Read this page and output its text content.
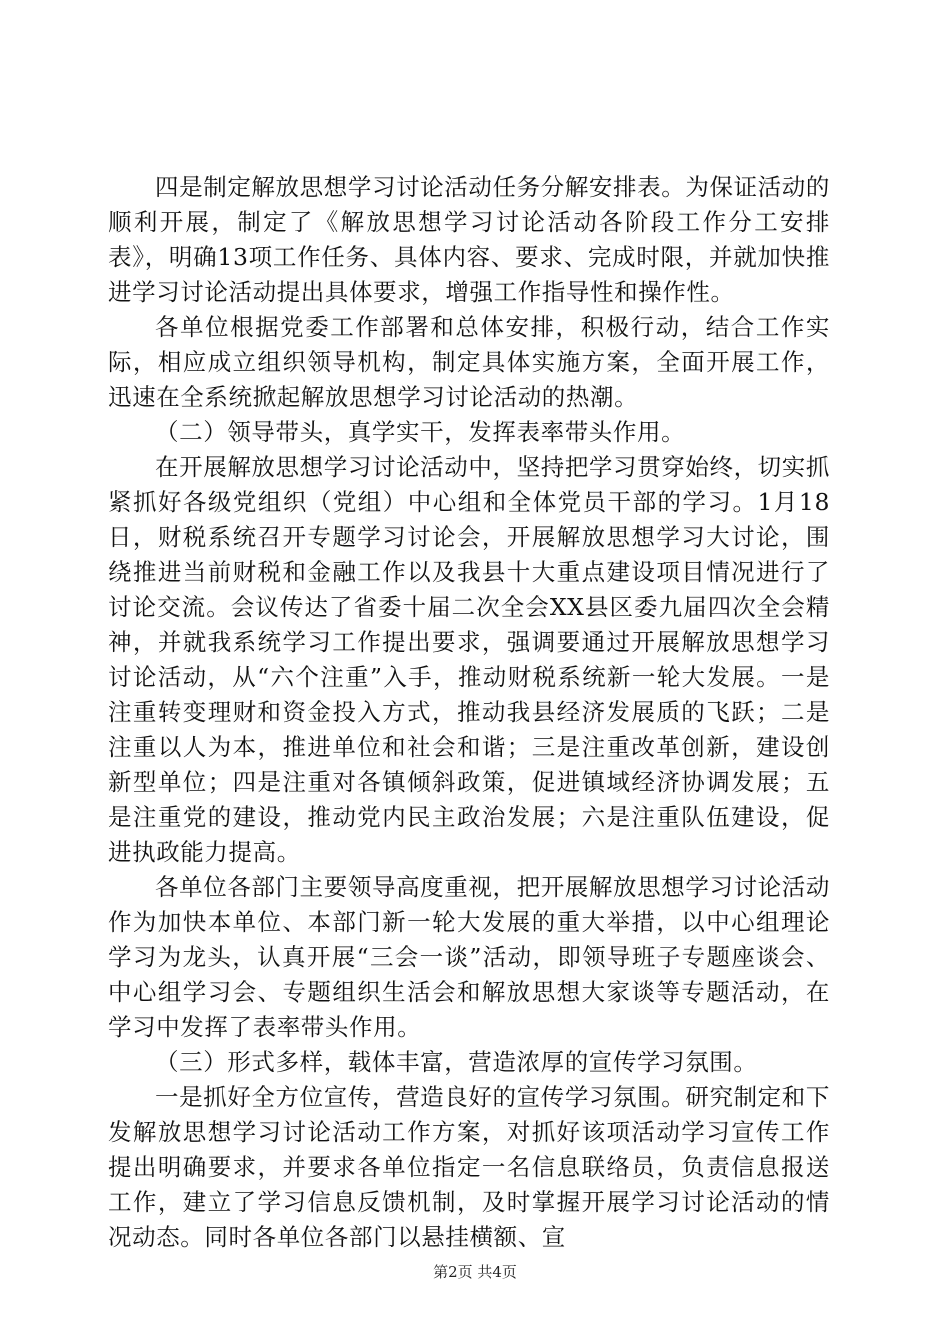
四是制定解放思想学习讨论活动任务分解安排表。为保证活动的顺利开展，制定了《解放思想学习讨论活动各阶段工作分工安排表》，明确13项工作任务、具体内容、要求、完成时限，并就加快推进学习讨论活动提出具体要求，增强工作指导性和操作性。

各单位根据党委工作部署和总体安排，积极行动，结合工作实际，相应成立组织领导机构，制定具体实施方案，全面开展工作，迅速在全系统掀起解放思想学习讨论活动的热潮。

（二）领导带头，真学实干，发挥表率带头作用。

在开展解放思想学习讨论活动中，坚持把学习贯穿始终，切实抓紧抓好各级党组织（党组）中心组和全体党员干部的学习。1月18日，财税系统召开专题学习讨论会，开展解放思想学习大讨论，围绕推进当前财税和金融工作以及我县十大重点建设项目情况进行了讨论交流。会议传达了省委十届二次全会XX县区委九届四次全会精神，并就我系统学习工作提出要求，强调要通过开展解放思想学习讨论活动，从“六个注重”入手，推动财税系统新一轮大发展。一是注重转变理财和资金投入方式，推动我县经济发展质的飞跃；二是注重以人为本，推进单位和社会和谐；三是注重改革创新，建设创新型单位；四是注重对各镇倾斜政策，促进镇域经济协调发展；五是注重党的建设，推动党内民主政治发展；六是注重队伍建设，促进执政能力提高。

各单位各部门主要领导高度重视，把开展解放思想学习讨论活动作为加快本单位、本部门新一轮大发展的重大举措，以中心组理论学习为龙头，认真开展“三会一谈”活动，即领导班子专题座谈会、中心组学习会、专题组织生活会和解放思想大家谈等专题活动，在学习中发挥了表率带头作用。

（三）形式多样，载体丰富，营造浓厚的宣传学习氛围。

一是抓好全方位宣传，营造良好的宣传学习氛围。研究制定和下发解放思想学习讨论活动工作方案，对抓好该项活动学习宣传工作提出明确要求，并要求各单位指定一名信息联络员，负责信息报送工作，建立了学习信息反馈机制，及时掌握开展学习讨论活动的情况动态。同时各单位各部门以悬挂横额、宣

第2页 共4页
